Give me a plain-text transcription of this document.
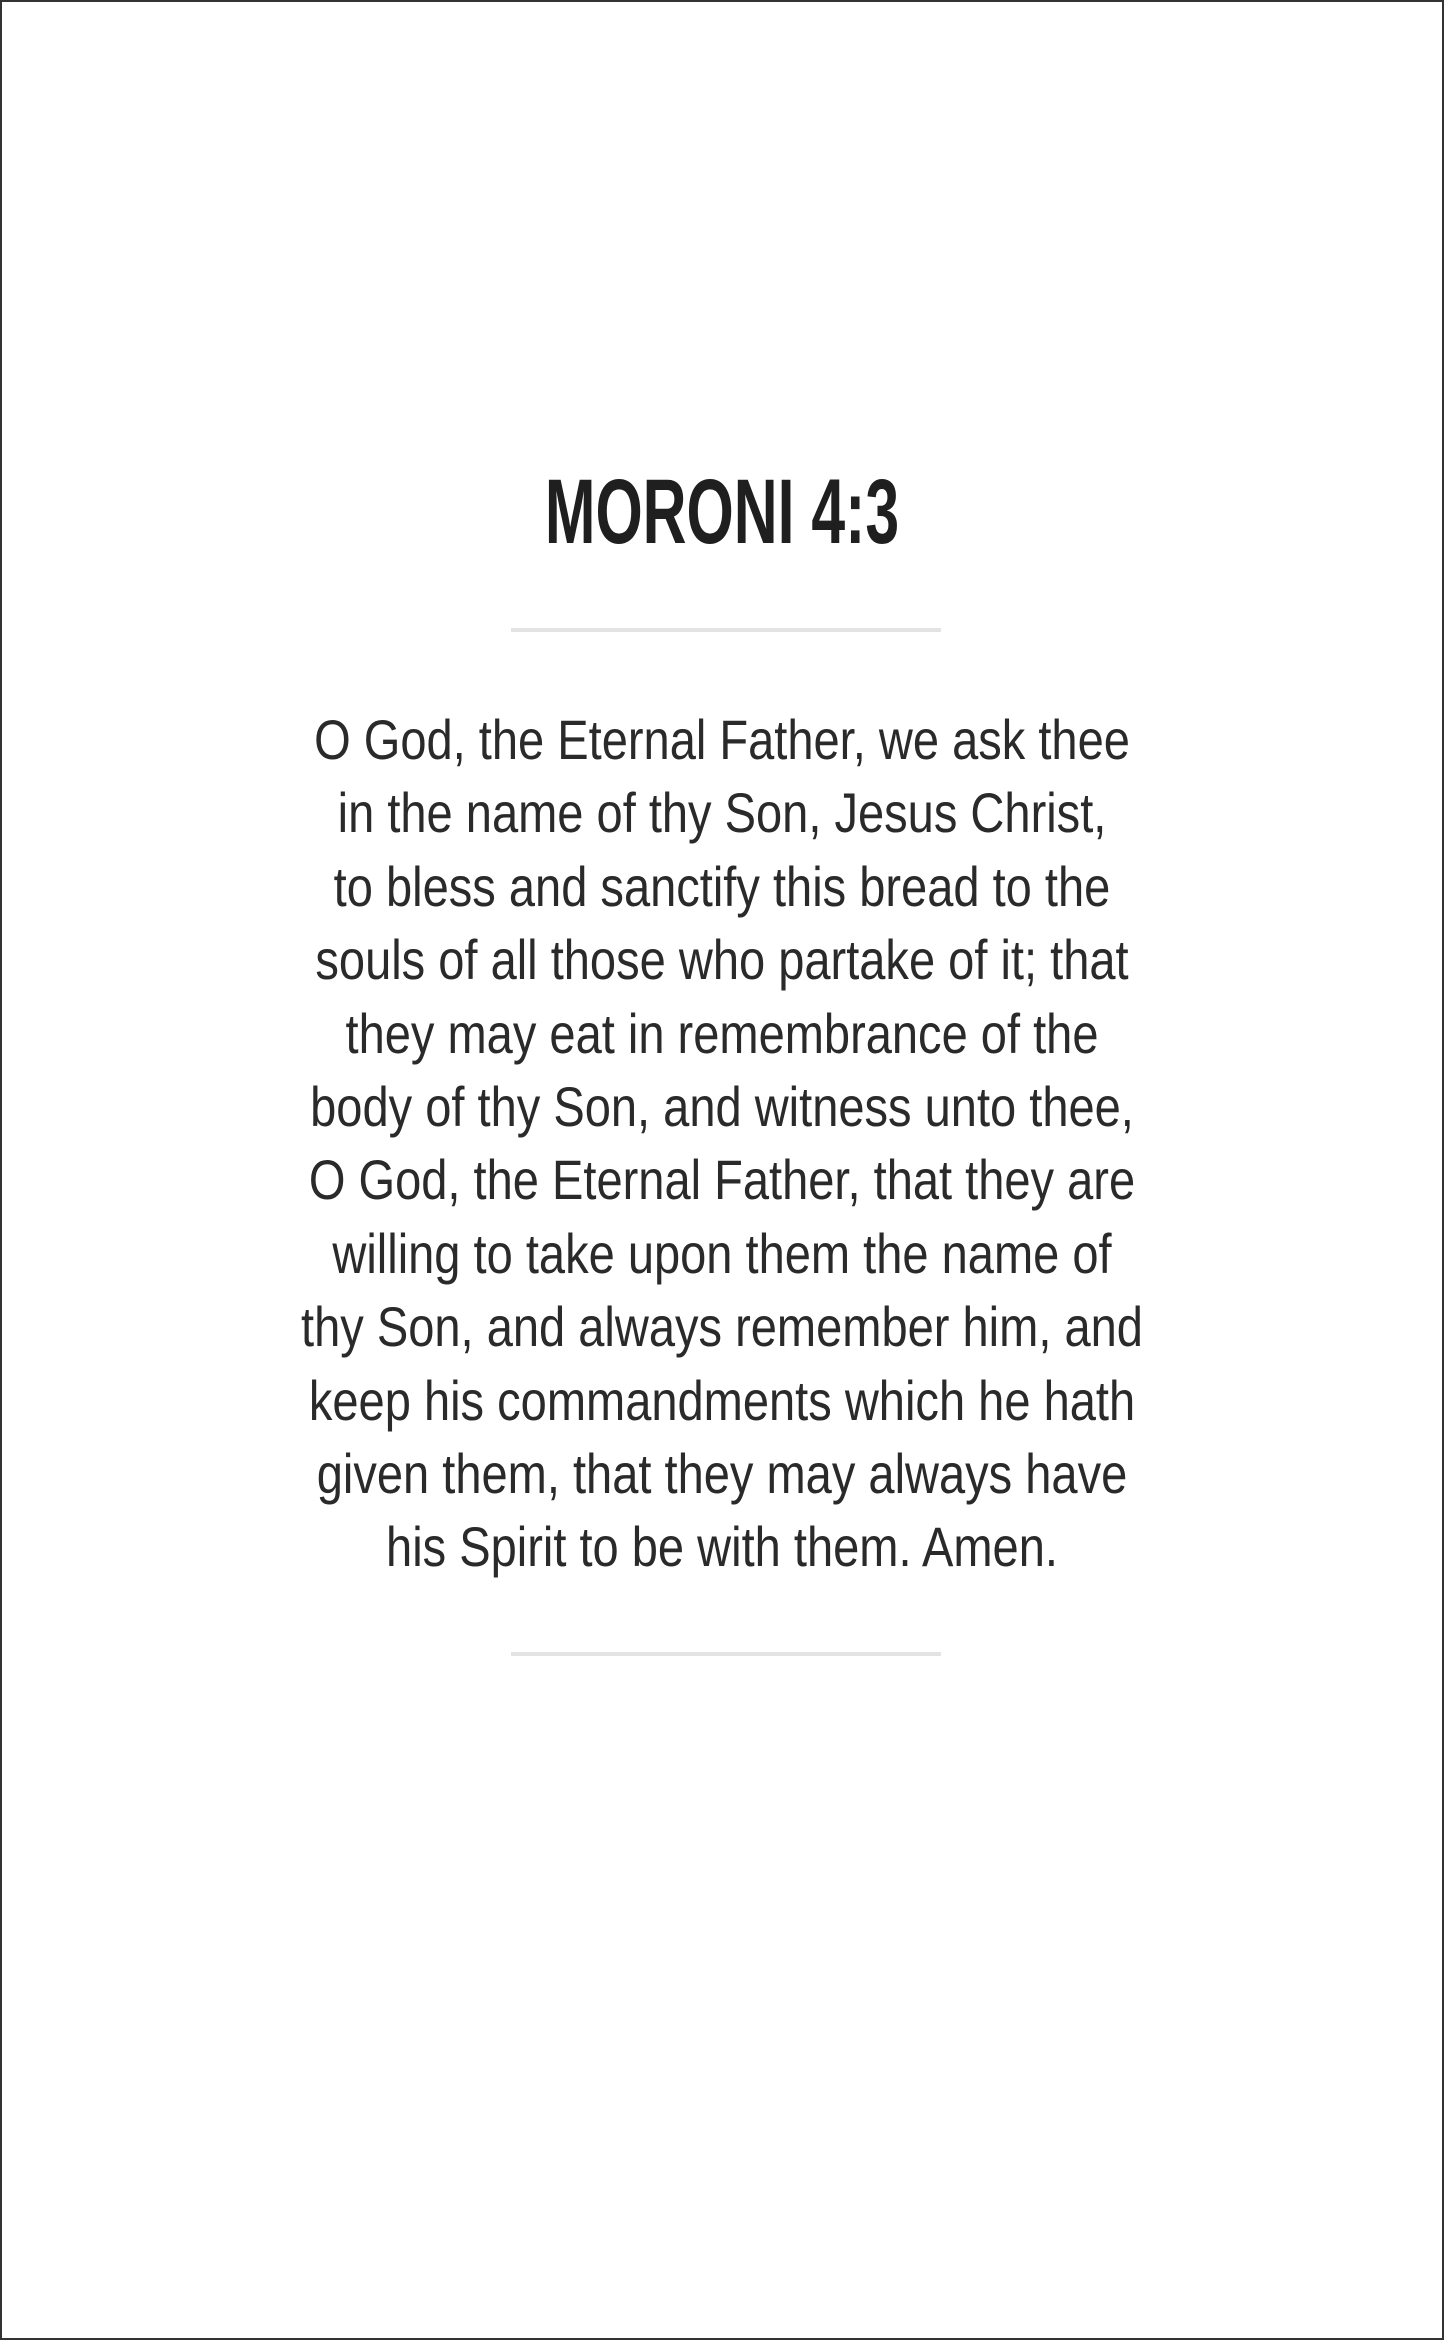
MORONI 4:3
O God, the Eternal Father, we ask thee
in the name of thy Son, Jesus Christ,
to bless and sanctify this bread to the
souls of all those who partake of it; that
they may eat in remembrance of the
body of thy Son, and witness unto thee,
O God, the Eternal Father, that they are
willing to take upon them the name of
thy Son, and always remember him, and
keep his commandments which he hath
given them, that they may always have
his Spirit to be with them. Amen.
